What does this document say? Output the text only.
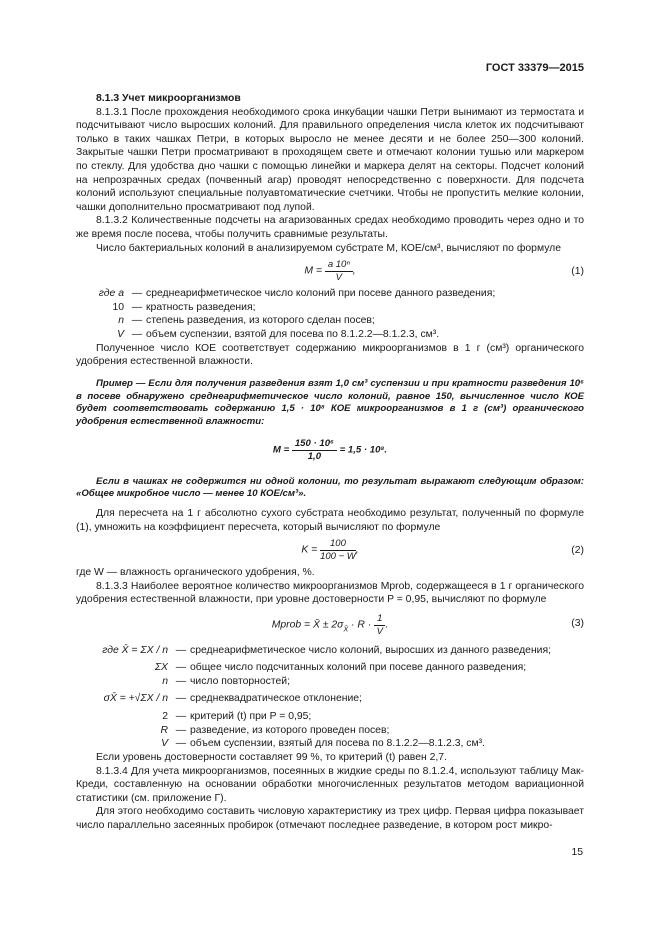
ГОСТ 33379—2015

8.1.3 Учет микроорганизмов

8.1.3.1 После прохождения необходимого срока инкубации чашки Петри вынимают из термостата и подсчитывают число выросших колоний. Для правильного определения числа клеток их подсчитывают только в таких чашках Петри, в которых выросло не менее десяти и не более 250—300 колоний. Закрытые чашки Петри просматривают в проходящем свете и отмечают колонии тушью или маркером по стеклу. Для удобства дно чашки с помощью линейки и маркера делят на секторы. Подсчет колоний на непрозрачных средах (почвенный агар) проводят непосредственно с поверхности. Для подсчета колоний используют специальные полуавтоматические счетчики. Чтобы не пропустить мелкие колонии, чашки дополнительно просматривают под лупой.

8.1.3.2 Количественные подсчеты на агаризованных средах необходимо проводить через одно и то же время после посева, чтобы получить сравнимые результаты.

Число бактериальных колоний в анализируемом субстрате M, КОЕ/см³, вычисляют по формуле

$M = \frac{\text{a 10ⁿ}}{V}$ ,	(1)
где a — среднеарифметическое число колоний при посеве данного разведения;
10 — кратность разведения;
n — степень разведения, из которого сделан посев;
V — объем суспензии, взятой для посева по 8.1.2.2—8.1.2.3, см³.

Полученное число КОЕ соответствует содержанию микроорганизмов в 1 г (см³) органического удобрения естественной влажности.

Пример — Если для получения разведения взят 1,0 см³ суспензии и при кратности разведения 10⁶ в посеве обнаружено среднеарифметическое число колоний, равное 150, вычисленное число КОЕ будет соответствовать содержанию 1,5 · 10⁸ КОЕ микроорганизмов в 1 г (см³) органического удобрения естественной влажности:

$M = \frac{\text{150 · 10⁶}}{1,0} = 1,5 \cdot 10^8$.

Если в чашках не содержится ни одной колонии, то результат выражают следующим образом: «Общее микробное число — менее 10 КОЕ/см³».

Для пересчета на 1 г абсолютно сухого субстрата необходимо результат, полученный по формуле (1), умножить на коэффициент пересчета, который вычисляют по формуле

$K = \frac{100}{100 - W}$ ,	(2)

где W — влажность органического удобрения, %.

8.1.3.3 Наиболее вероятное количество микроорганизмов Mprob, содержащееся в 1 г органического удобрения естественной влажности, при уровне достоверности P = 0,95, вычисляют по формуле

Mprob = X̄ ± $2\sigma_{X̄} \cdot R \cdot \frac{1}{V}$ .	(3)
где X̄ = ΣX / n — среднеарифметическое число колоний, выросших из данного разведения;
ΣX — общее число подсчитанных колоний при посеве данного разведения;
n — число повторностей;
σX̄ = +√ΣX / n — среднеквадратическое отклонение;
2 — критерий (t) при P = 0,95;
R — разведение, из которого проведен посев;
V — объем суспензии, взятый для посева по 8.1.2.2—8.1.2.3, см³.

Если уровень достоверности составляет 99 %, то критерий (t) равен 2,7.

8.1.3.4 Для учета микроорганизмов, посеянных в жидкие среды по 8.1.2.4, используют таблицу Мак-Креди, составленную на основании обработки многочисленных результатов методом вариационной статистики (см. приложение Г).

Для этого необходимо составить числовую характеристику из трех цифр. Первая цифра показывает число параллельно засеянных пробирок (отмечают последнее разведение, в котором рост микро-

15
